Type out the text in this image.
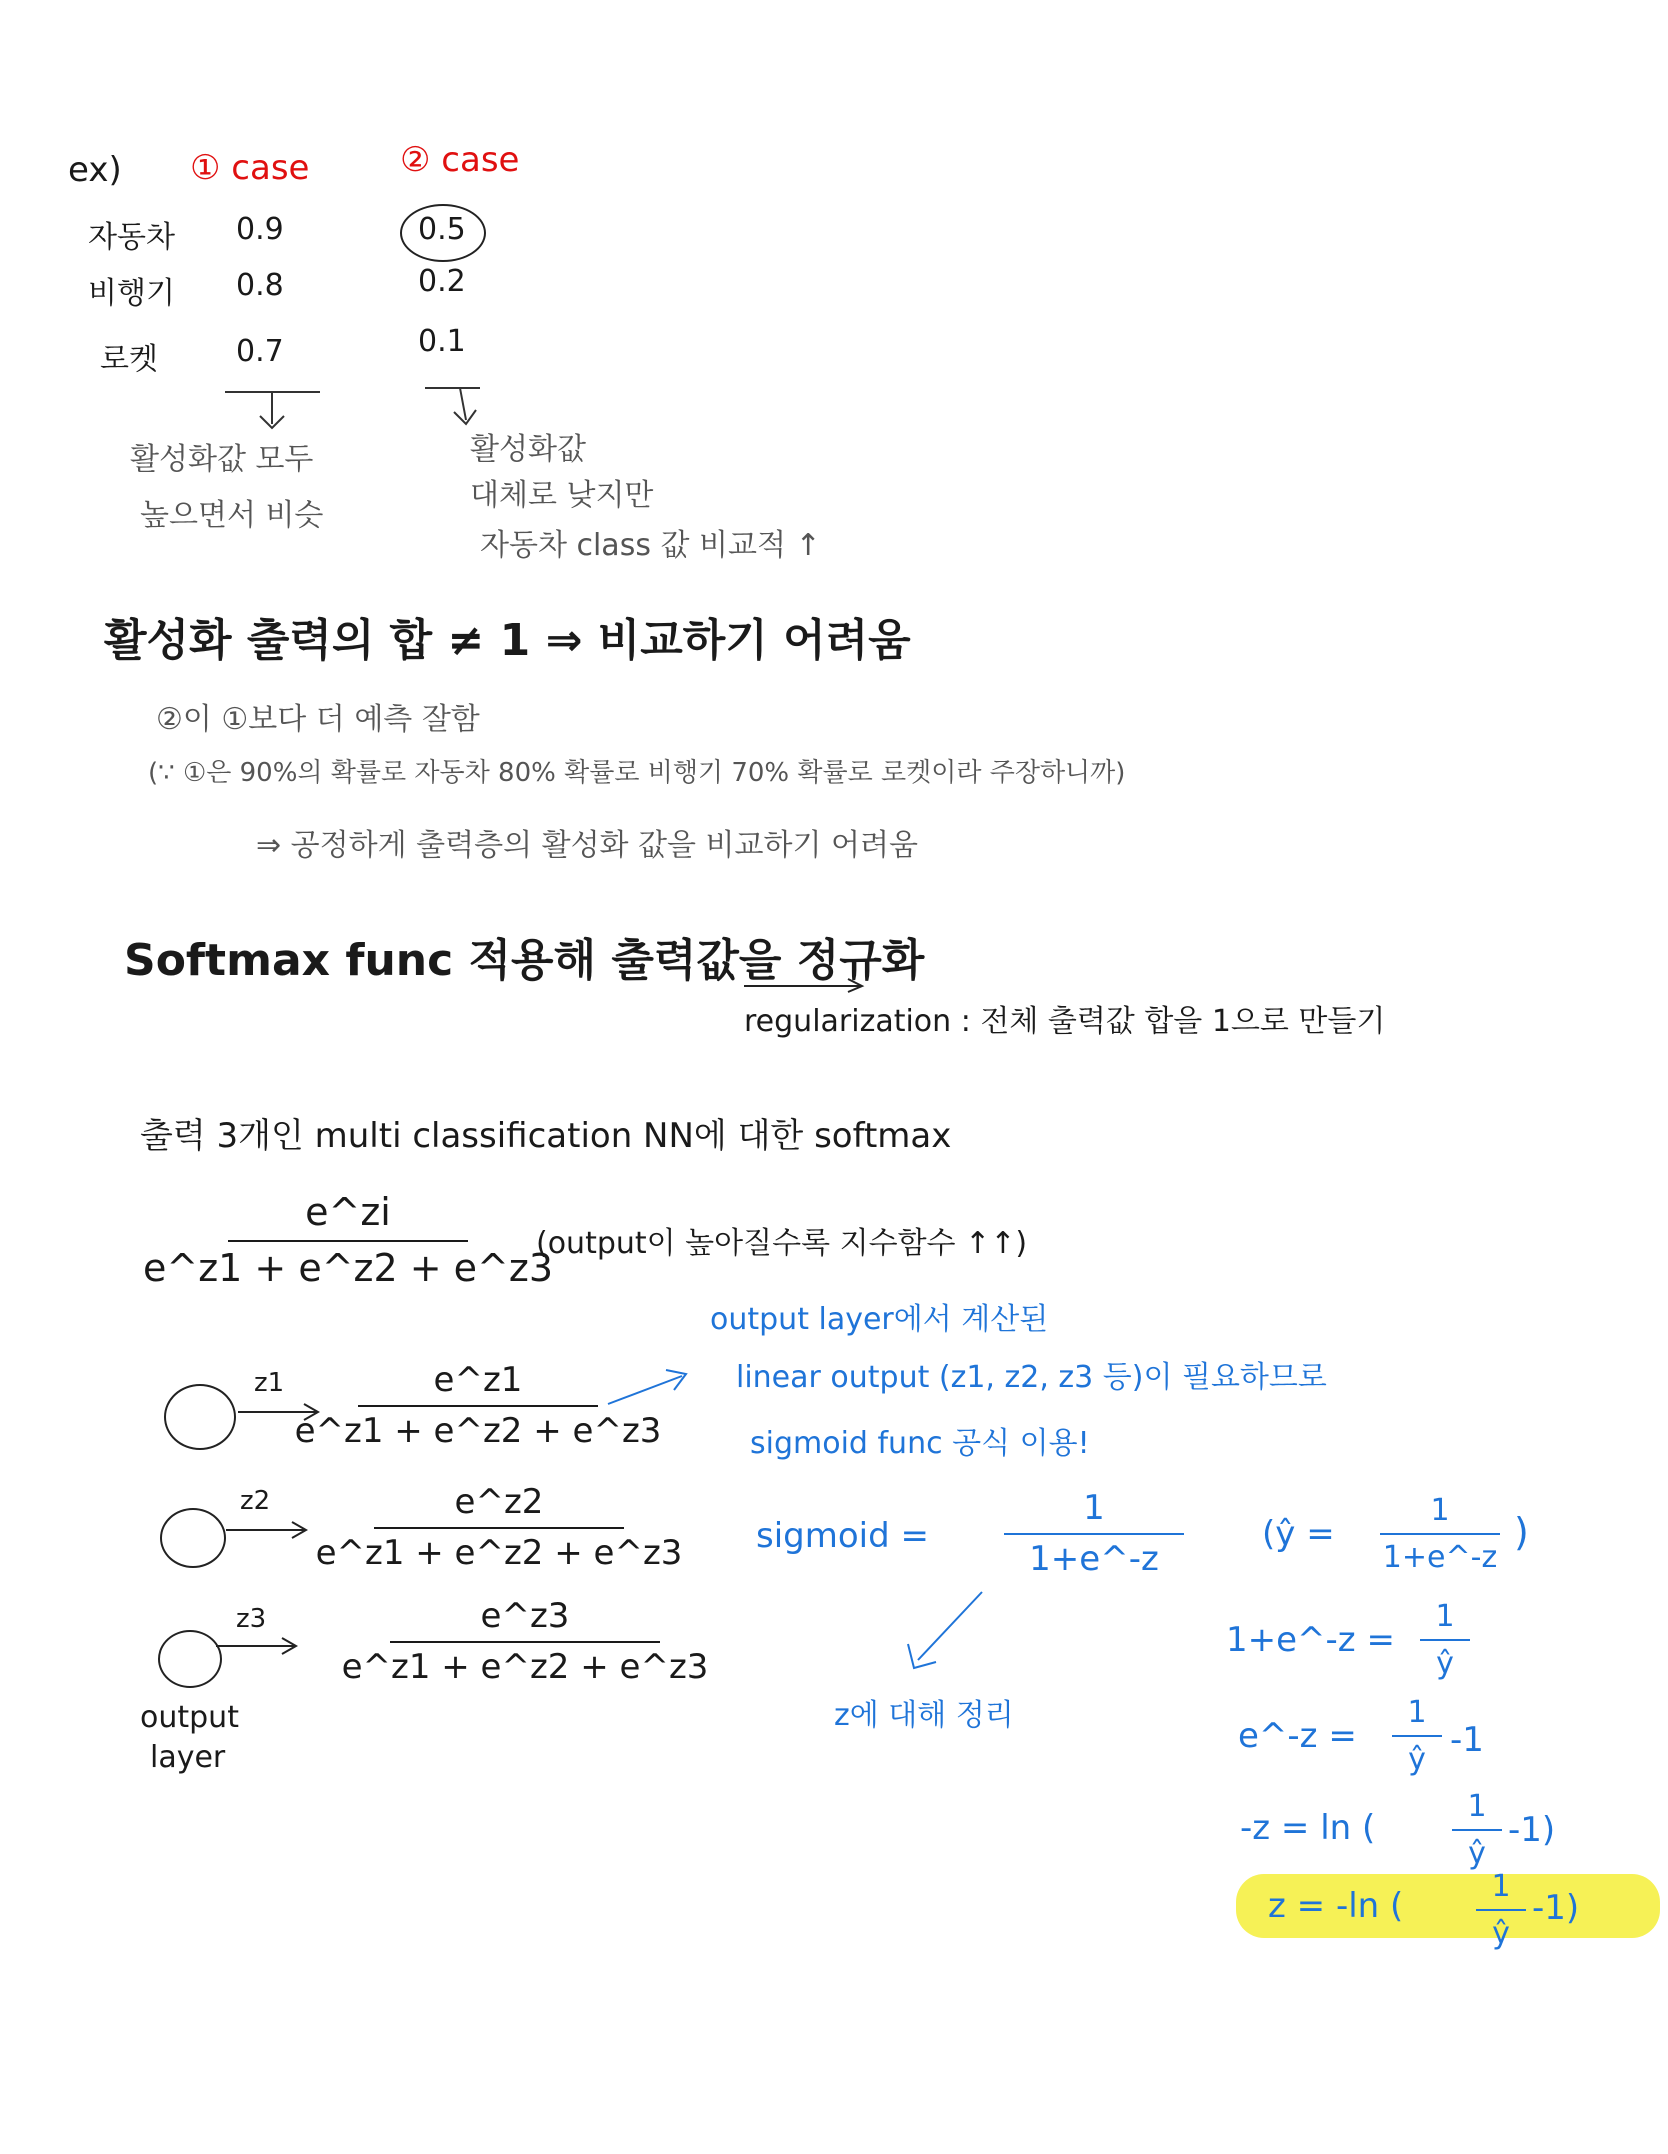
ex) ① case	② case
자동차 0.9	0.5
비행기 0.8	0.2
로켓	0.7	0.1
활성화값 모두
높으면서 비슷
활성화값
대체로 낮지만
자동차 class 값 비교적 ↑
활성화 출력의 합 ≠ 1 ⇒ 비교하기 어려움
②이 ①보다 더 예측 잘함
(∵ ①은 90%의 확률로 자동차 80% 확률로 비행기 70% 확률로 로켓이라 주장하니까)
⇒ 공정하게 출력층의 활성화 값을 비교하기 어려움
Softmax func 적용해 출력값을 정규화
regularization : 전체 출력값 합을 1으로 만들기
출력 3개인 multi classification NN에 대한 softmax
e^zi
e^z1 + e^z2 + e^z3
(output이 높아질수록 지수함수 ↑↑)
z1	e^z1
e^z1 + e^z2 + e^z3
z2	e^z2
e^z1 + e^z2 + e^z3
z3	e^z3
e^z1 + e^z2 + e^z3
output
layer
output layer에서 계산된
linear output (z1, z2, z3 등)이 필요하므로
sigmoid func 공식 이용!
sigmoid =
1
1+e^-z
(ŷ =
1
1+e^-z
)
z에 대해 정리
1+e^-z =
1
ŷ
e^-z =
1
ŷ -1
-z = ln (
1
ŷ
-1)
z = -ln (	1
ŷ
-1)
